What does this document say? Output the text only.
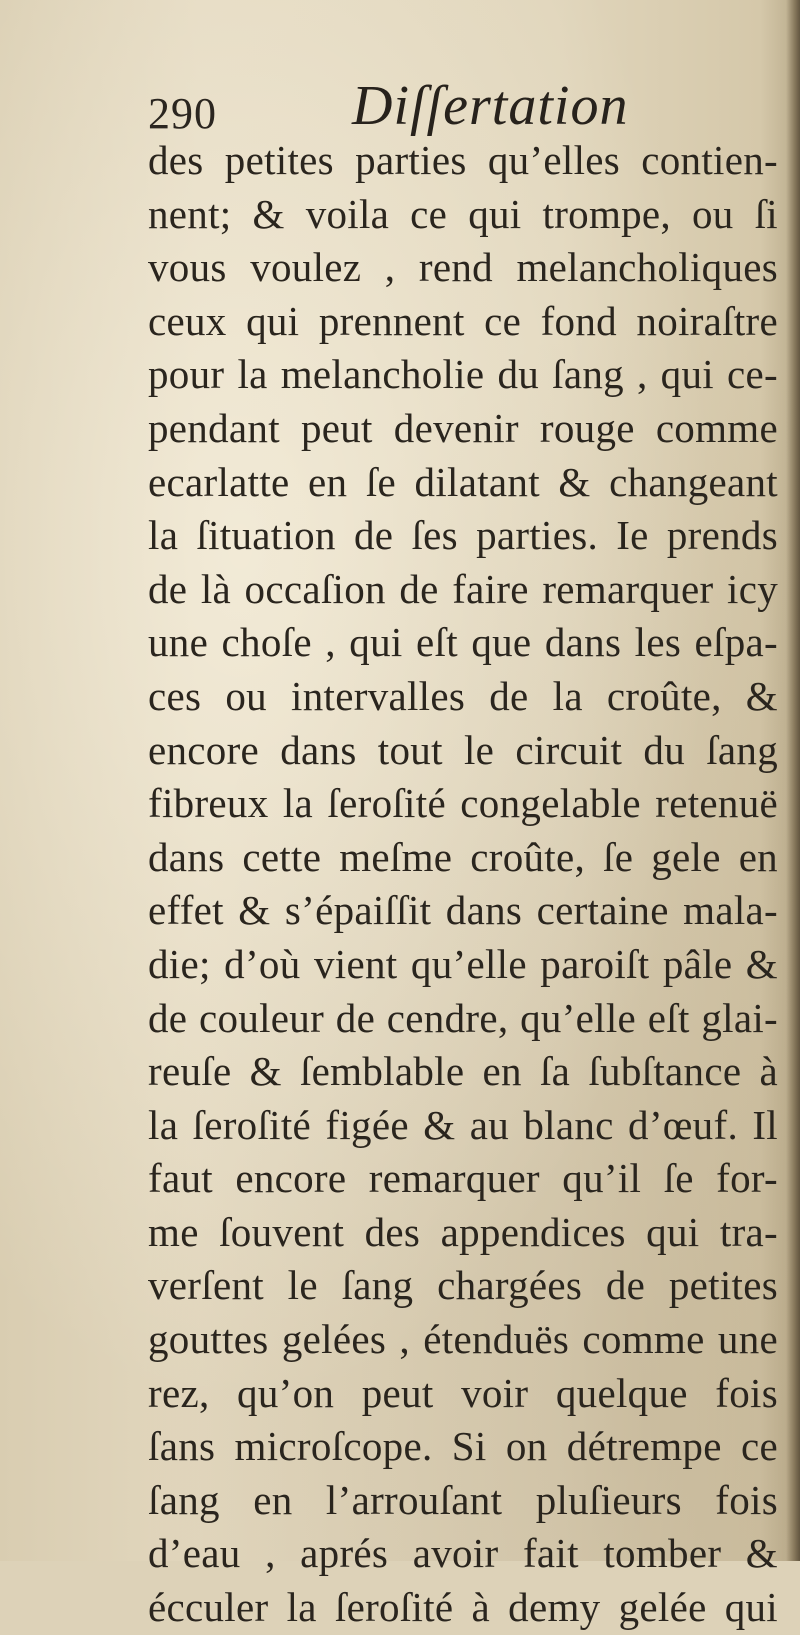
290 Diſſertation
des petites parties qu’elles contien-
nent; & voila ce qui trompe, ou ſi
vous voulez , rend melancholiques
ceux qui prennent ce fond noiraſtre
pour la melancholie du ſang , qui ce-
pendant peut devenir rouge comme
ecarlatte en ſe dilatant & changeant
la ſituation de ſes parties. Ie prends
de là occaſion de faire remarquer icy
une choſe , qui eſt que dans les eſpa-
ces ou intervalles de la croûte, &
encore dans tout le circuit du ſang
fibreux la ſeroſité congelable retenuë
dans cette meſme croûte, ſe gele en
effet & s’épaiſſit dans certaine mala-
die; d’où vient qu’elle paroiſt pâle &
de couleur de cendre, qu’elle eſt glai-
reuſe & ſemblable en ſa ſubſtance à
la ſeroſité figée & au blanc d’œuf. Il
faut encore remarquer qu’il ſe for-
me ſouvent des appendices qui tra-
verſent le ſang chargées de petites
gouttes gelées , étenduës comme une
rez, qu’on peut voir quelque fois
ſans microſcope. Si on détrempe ce
ſang en l’arrouſant pluſieurs fois
d’eau , aprés avoir fait tomber &
écculer la ſeroſité à demy gelée qui
